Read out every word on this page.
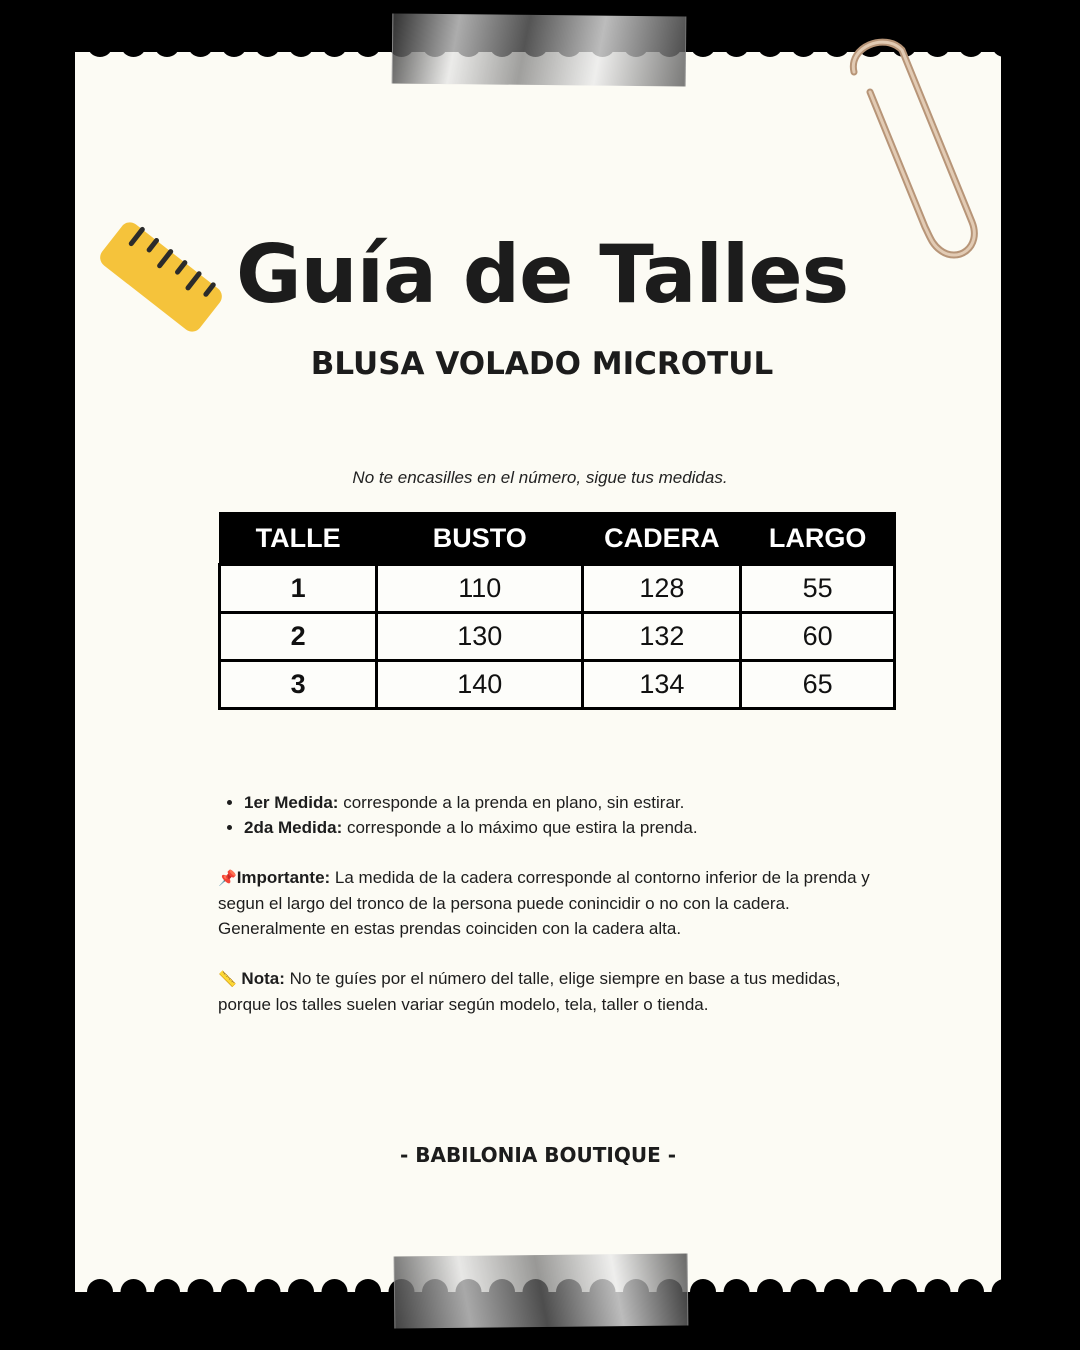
Guía de Talles
BLUSA VOLADO MICROTUL
No te encasilles en el número, sigue tus medidas.
TALLE	BUSTO	CADERA	LARGO
1	110	128	55
2	130	132	60
3	140	134	65
• 1er Medida: corresponde a la prenda en plano, sin estirar.
• 2da Medida: corresponde a lo máximo que estira la prenda.
📌Importante: La medida de la cadera corresponde al contorno inferior de la prenda y segun el largo del tronco de la persona puede conincidir o no con la cadera. Generalmente en estas prendas coinciden con la cadera alta.
📏 Nota: No te guíes por el número del talle, elige siempre en base a tus medidas, porque los talles suelen variar según modelo, tela, taller o tienda.
- BABILONIA BOUTIQUE -
